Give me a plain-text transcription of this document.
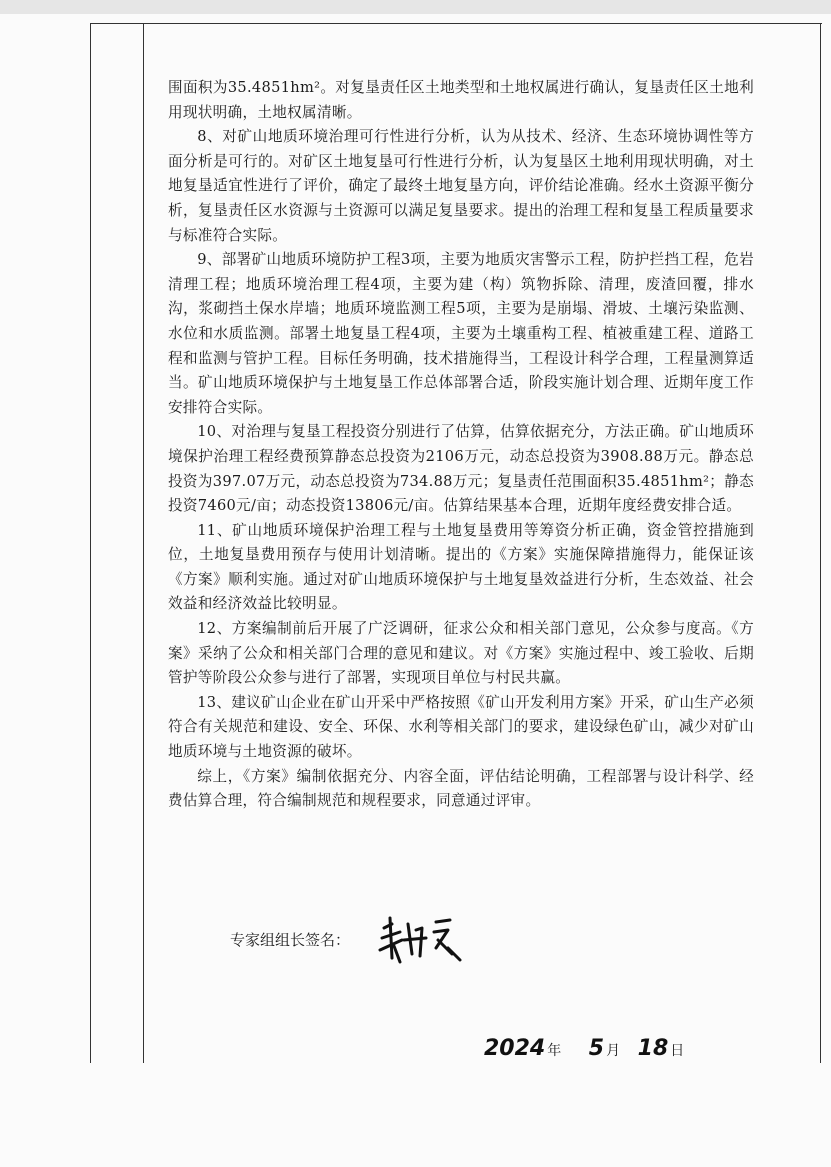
围面积为35.4851hm²。对复垦责任区土地类型和土地权属进行确认，复垦责任区土地利用现状明确，土地权属清晰。

8、对矿山地质环境治理可行性进行分析，认为从技术、经济、生态环境协调性等方面分析是可行的。对矿区土地复垦可行性进行分析，认为复垦区土地利用现状明确，对土地复垦适宜性进行了评价，确定了最终土地复垦方向，评价结论准确。经水土资源平衡分析，复垦责任区水资源与土资源可以满足复垦要求。提出的治理工程和复垦工程质量要求与标准符合实际。

9、部署矿山地质环境防护工程3项，主要为地质灾害警示工程，防护拦挡工程，危岩清理工程；地质环境治理工程4项，主要为建（构）筑物拆除、清理，废渣回覆，排水沟，浆砌挡土保水岸墙；地质环境监测工程5项，主要为是崩塌、滑坡、土壤污染监测、水位和水质监测。部署土地复垦工程4项，主要为土壤重构工程、植被重建工程、道路工程和监测与管护工程。目标任务明确，技术措施得当，工程设计科学合理，工程量测算适当。矿山地质环境保护与土地复垦工作总体部署合适，阶段实施计划合理、近期年度工作安排符合实际。

10、对治理与复垦工程投资分别进行了估算，估算依据充分，方法正确。矿山地质环境保护治理工程经费预算静态总投资为2106万元，动态总投资为3908.88万元。静态总投资为397.07万元，动态总投资为734.88万元；复垦责任范围面积35.4851hm²；静态投资7460元/亩；动态投资13806元/亩。估算结果基本合理，近期年度经费安排合适。

11、矿山地质环境保护治理工程与土地复垦费用等筹资分析正确，资金管控措施到位，土地复垦费用预存与使用计划清晰。提出的《方案》实施保障措施得力，能保证该《方案》顺利实施。通过对矿山地质环境保护与土地复垦效益进行分析，生态效益、社会效益和经济效益比较明显。

12、方案编制前后开展了广泛调研，征求公众和相关部门意见，公众参与度高。《方案》采纳了公众和相关部门合理的意见和建议。对《方案》实施过程中、竣工验收、后期管护等阶段公众参与进行了部署，实现项目单位与村民共赢。

13、建议矿山企业在矿山开采中严格按照《矿山开发利用方案》开采，矿山生产必须符合有关规范和建设、安全、环保、水利等相关部门的要求，建设绿色矿山，减少对矿山地质环境与土地资源的破坏。

综上，《方案》编制依据充分、内容全面，评估结论明确，工程部署与设计科学、经费估算合理，符合编制规范和规程要求，同意通过评审。

专家组组长签名：
2024 年 5 月 18 日
